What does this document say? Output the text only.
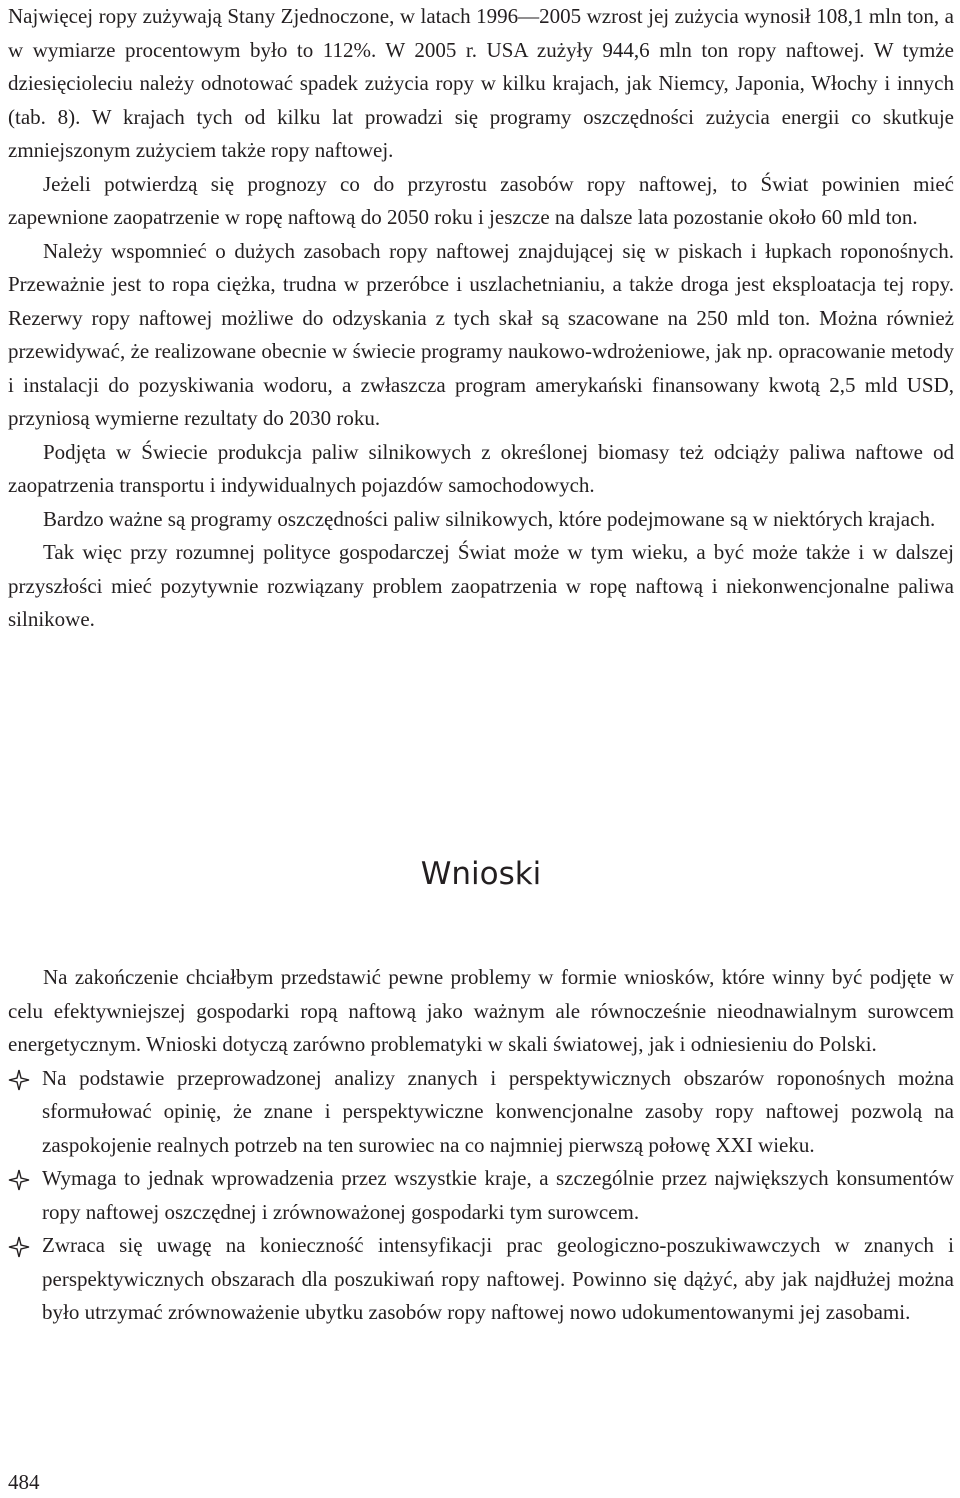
Najwięcej ropy zużywają Stany Zjednoczone, w latach 1996—2005 wzrost jej zużycia wynosił 108,1 mln ton, a w wymiarze procentowym było to 112%. W 2005 r. USA zużyły 944,6 mln ton ropy naftowej. W tymże dziesięcioleciu należy odnotować spadek zużycia ropy w kilku krajach, jak Niemcy, Japonia, Włochy i innych (tab. 8). W krajach tych od kilku lat prowadzi się programy oszczędności zużycia energii co skutkuje zmniejszonym zużyciem także ropy naftowej.

Jeżeli potwierdzą się prognozy co do przyrostu zasobów ropy naftowej, to Świat powinien mieć zapewnione zaopatrzenie w ropę naftową do 2050 roku i jeszcze na dalsze lata pozostanie około 60 mld ton.

Należy wspomnieć o dużych zasobach ropy naftowej znajdującej się w piskach i łupkach roponośnych. Przeważnie jest to ropa ciężka, trudna w przeróbce i uszlachetnianiu, a także droga jest eksploatacja tej ropy. Rezerwy ropy naftowej możliwe do odzyskania z tych skał są szacowane na 250 mld ton. Można również przewidywać, że realizowane obecnie w świecie programy naukowo-wdrożeniowe, jak np. opracowanie metody i instalacji do pozyskiwania wodoru, a zwłaszcza program amerykański finansowany kwotą 2,5 mld USD, przyniosą wymierne rezultaty do 2030 roku.

Podjęta w Świecie produkcja paliw silnikowych z określonej biomasy też odciąży paliwa naftowe od zaopatrzenia transportu i indywidualnych pojazdów samochodowych.

Bardzo ważne są programy oszczędności paliw silnikowych, które podejmowane są w niektórych krajach.

Tak więc przy rozumnej polityce gospodarczej Świat może w tym wieku, a być może także i w dalszej przyszłości mieć pozytywnie rozwiązany problem zaopatrzenia w ropę naftową i niekonwencjonalne paliwa silnikowe.

Wnioski

Na zakończenie chciałbym przedstawić pewne problemy w formie wniosków, które winny być podjęte w celu efektywniejszej gospodarki ropą naftową jako ważnym ale równocześnie nieodnawialnym surowcem energetycznym. Wnioski dotyczą zarówno problematyki w skali światowej, jak i odniesieniu do Polski.

Na podstawie przeprowadzonej analizy znanych i perspektywicznych obszarów roponośnych można sformułować opinię, że znane i perspektywiczne konwencjonalne zasoby ropy naftowej pozwolą na zaspokojenie realnych potrzeb na ten surowiec na co najmniej pierwszą połowę XXI wieku.
Wymaga to jednak wprowadzenia przez wszystkie kraje, a szczególnie przez największych konsumentów ropy naftowej oszczędnej i zrównoważonej gospodarki tym surowcem.
Zwraca się uwagę na konieczność intensyfikacji prac geologiczno-poszukiwawczych w znanych i perspektywicznych obszarach dla poszukiwań ropy naftowej. Powinno się dążyć, aby jak najdłużej można było utrzymać zrównoważenie ubytku zasobów ropy naftowej nowo udokumentowanymi jej zasobami.
484
